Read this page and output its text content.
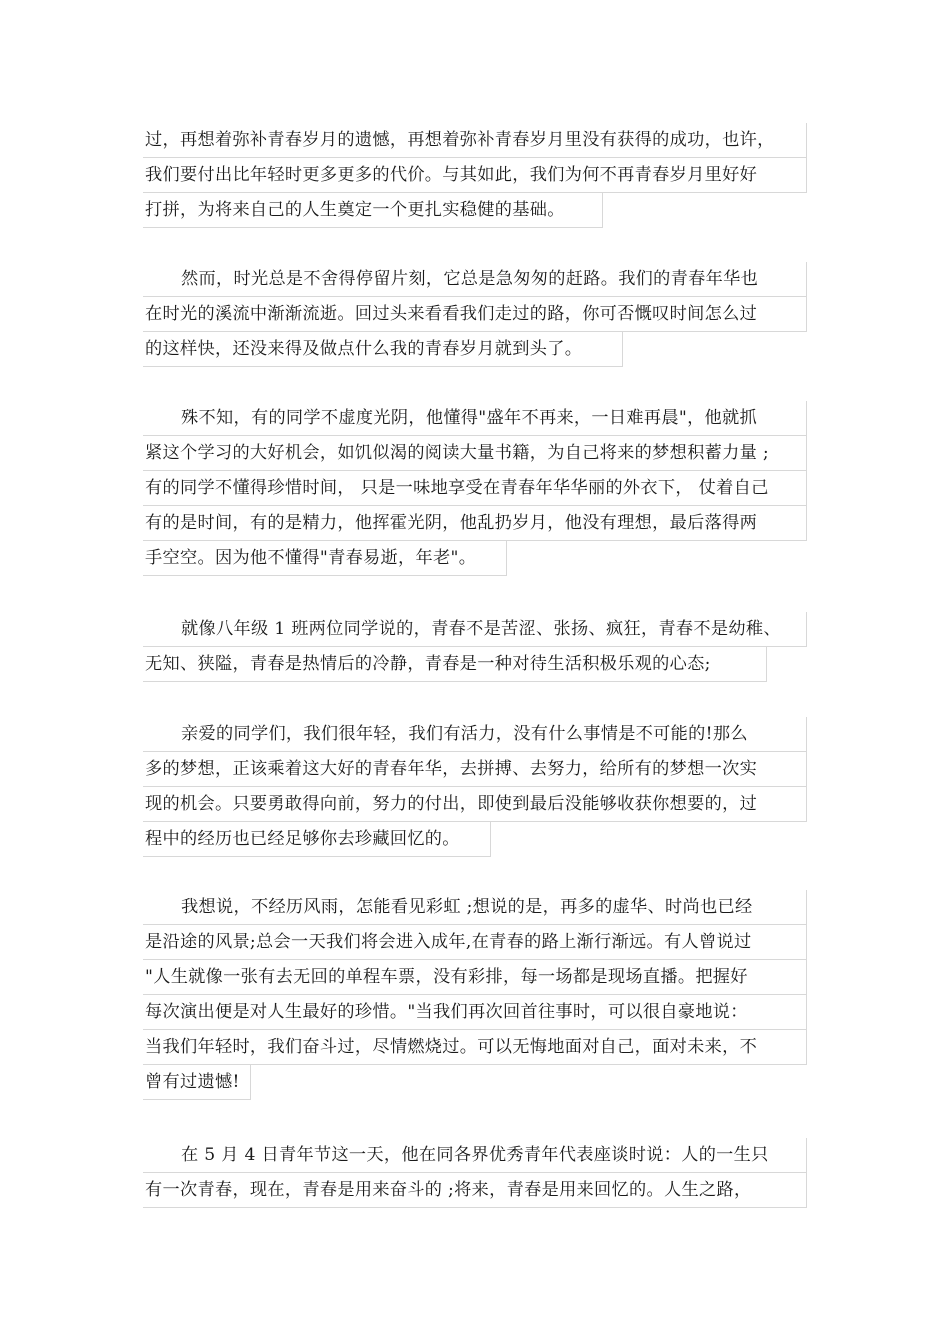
过，再想着弥补青春岁月的遗憾，再想着弥补青春岁月里没有获得的成功，也许，
我们要付出比年轻时更多更多的代价。与其如此，我们为何不再青春岁月里好好
打拼，为将来自己的人生奠定一个更扎实稳健的基础。
然而，时光总是不舍得停留片刻，它总是急匆匆的赶路。我们的青春年华也
在时光的溪流中渐渐流逝。回过头来看看我们走过的路，你可否慨叹时间怎么过
的这样快，还没来得及做点什么我的青春岁月就到头了。
殊不知，有的同学不虚度光阴，他懂得"盛年不再来，一日难再晨"，他就抓
紧这个学习的大好机会，如饥似渴的阅读大量书籍，为自己将来的梦想积蓄力量 ;
有的同学不懂得珍惜时间， 只是一味地享受在青春年华华丽的外衣下， 仗着自己
有的是时间，有的是精力，他挥霍光阴，他乱扔岁月，他没有理想，最后落得两
手空空。因为他不懂得"青春易逝，年老"。
就像八年级 1 班两位同学说的，青春不是苦涩、张扬、疯狂，青春不是幼稚、
无知、狭隘，青春是热情后的冷静，青春是一种对待生活积极乐观的心态;
亲爱的同学们，我们很年轻，我们有活力，没有什么事情是不可能的!那么
多的梦想，正该乘着这大好的青春年华，去拼搏、去努力，给所有的梦想一次实
现的机会。只要勇敢得向前，努力的付出，即使到最后没能够收获你想要的，过
程中的经历也已经足够你去珍藏回忆的。
我想说，不经历风雨，怎能看见彩虹 ;想说的是，再多的虚华、时尚也已经
是沿途的风景;总会一天我们将会进入成年,在青春的路上渐行渐远。有人曾说过
"人生就像一张有去无回的单程车票，没有彩排，每一场都是现场直播。把握好
每次演出便是对人生最好的珍惜。"当我们再次回首往事时，可以很自豪地说：
当我们年轻时，我们奋斗过，尽情燃烧过。可以无悔地面对自己，面对未来，不
曾有过遗憾!
在 5 月 4 日青年节这一天，他在同各界优秀青年代表座谈时说：人的一生只
有一次青春，现在，青春是用来奋斗的 ;将来，青春是用来回忆的。人生之路，
